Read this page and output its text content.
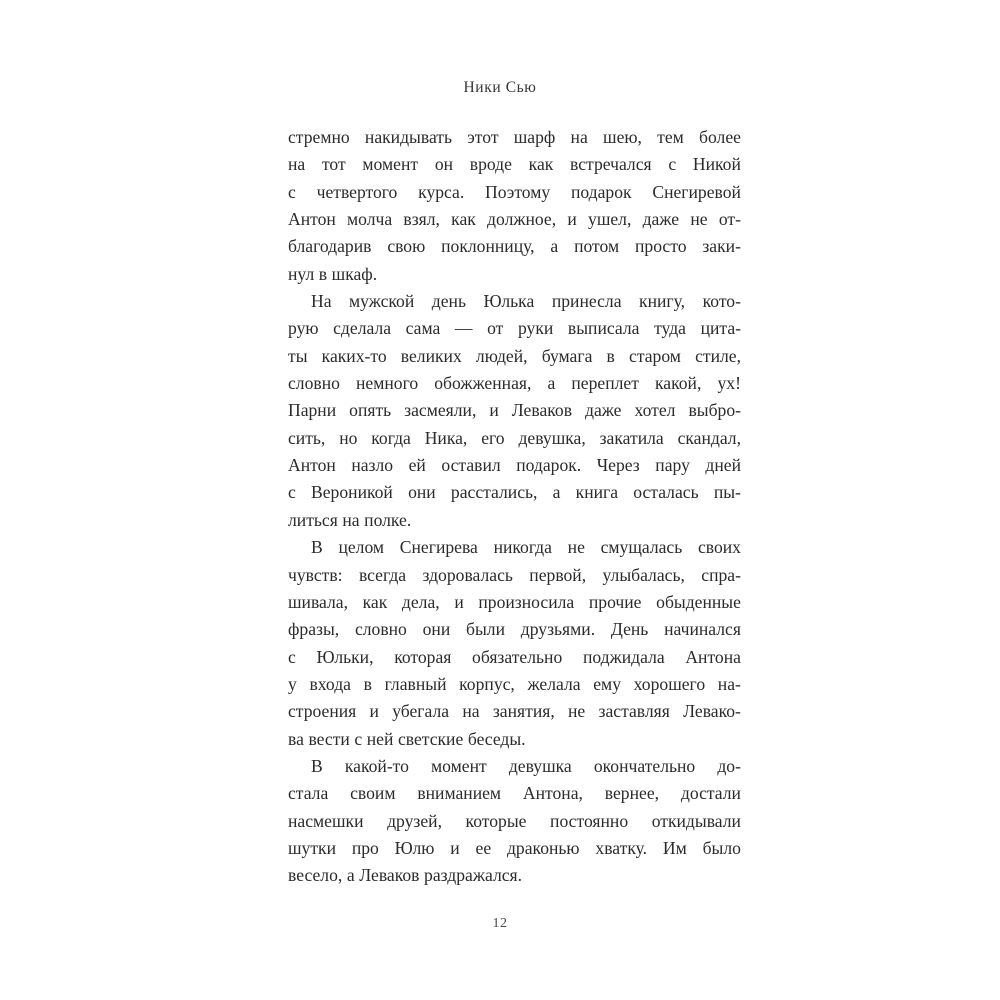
Ники Сью
стремно накидывать этот шарф на шею, тем более
на тот момент он вроде как встречался с Никой
с четвертого курса. Поэтому подарок Снегиревой
Антон молча взял, как должное, и ушел, даже не от-
благодарив свою поклонницу, а потом просто заки-
нул в шкаф.
На мужской день Юлька принесла книгу, кото-
рую сделала сама — от руки выписала туда цита-
ты каких-то великих людей, бумага в старом стиле,
словно немного обожженная, а переплет какой, ух!
Парни опять засмеяли, и Леваков даже хотел выбро-
сить, но когда Ника, его девушка, закатила скандал,
Антон назло ей оставил подарок. Через пару дней
с Вероникой они расстались, а книга осталась пы-
литься на полке.
В целом Снегирева никогда не смущалась своих
чувств: всегда здоровалась первой, улыбалась, спра-
шивала, как дела, и произносила прочие обыденные
фразы, словно они были друзьями. День начинался
с Юльки, которая обязательно поджидала Антона
у входа в главный корпус, желала ему хорошего на-
строения и убегала на занятия, не заставляя Левако-
ва вести с ней светские беседы.
В какой-то момент девушка окончательно до-
стала своим вниманием Антона, вернее, достали
насмешки друзей, которые постоянно откидывали
шутки про Юлю и ее драконью хватку. Им было
весело, а Леваков раздражался.
12
